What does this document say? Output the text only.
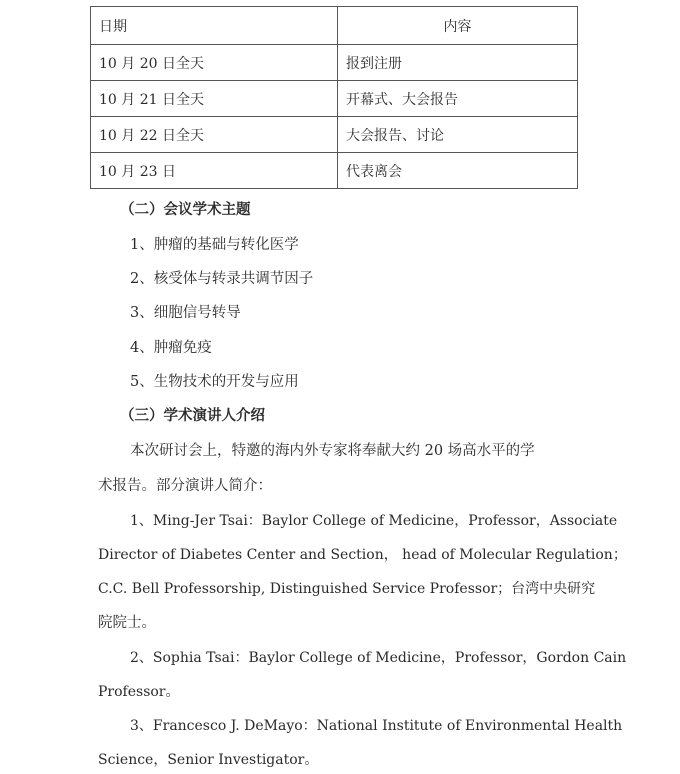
日期	内容
10 月 20 日全天	报到注册
10 月 21 日全天	开幕式、大会报告
10 月 22 日全天	大会报告、讨论
10 月 23 日	代表离会
（二）会议学术主题
1、肿瘤的基础与转化医学
2、核受体与转录共调节因子
3、细胞信号转导
4、肿瘤免疫
5、生物技术的开发与应用
（三）学术演讲人介绍
本次研讨会上，特邀的海内外专家将奉献大约 20 场高水平的学
术报告。部分演讲人简介：
1、Ming-Jer Tsai：Baylor College of Medicine，Professor，Associate
Director of Diabetes Center and Section， head of Molecular Regulation；
C.C. Bell Professorship, Distinguished Service Professor；台湾中央研究
院院士。
2、Sophia Tsai：Baylor College of Medicine，Professor，Gordon Cain
Professor。
3、Francesco J. DeMayo：National Institute of Environmental Health
Science，Senior Investigator。
